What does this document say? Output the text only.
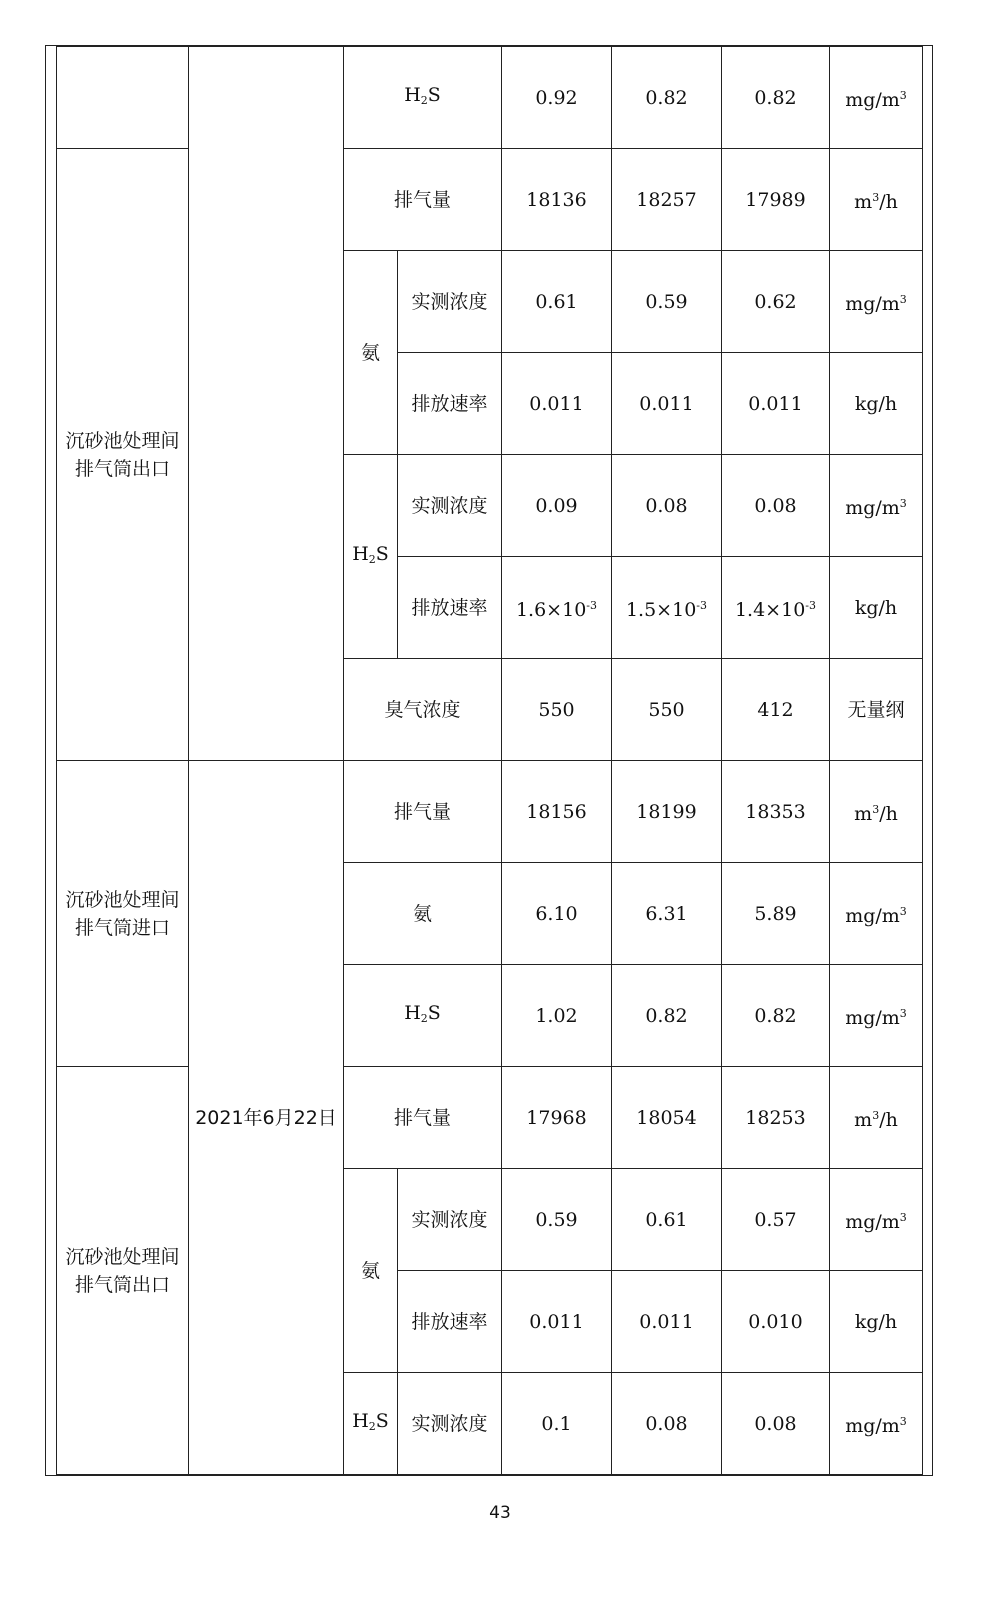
		$H_2S$		0.92	0.82	0.82	$mg/m^3$
沉砂池处理间排气筒出口		排气量		18136	18257	17989	$m^3/h$
		氨	实测浓度	0.61	0.59	0.62	$mg/m^3$
			排放速率	0.011	0.011	0.011	kg/h
		$H_2S$	实测浓度	0.09	0.08	0.08	$mg/m^3$
			排放速率	$1.6\times 10^{-3}$	$1.5\times 10^{-3}$	$1.4\times 10^{-3}$	kg/h
		臭气浓度		550	550	412	无量纲
沉砂池处理间排气筒进口	2021年6月22日	排气量		18156	18199	18353	$m^3/h$
		氨		6.10	6.31	5.89	$mg/m^3$
		$H_2S$		1.02	0.82	0.82	$mg/m^3$
沉砂池处理间排气筒出口		排气量		17968	18054	18253	$m^3/h$
		氨	实测浓度	0.59	0.61	0.57	$mg/m^3$
			排放速率	0.011	0.011	0.010	kg/h
		$H_2S$	实测浓度	0.1	0.08	0.08	$mg/m^3$
43
